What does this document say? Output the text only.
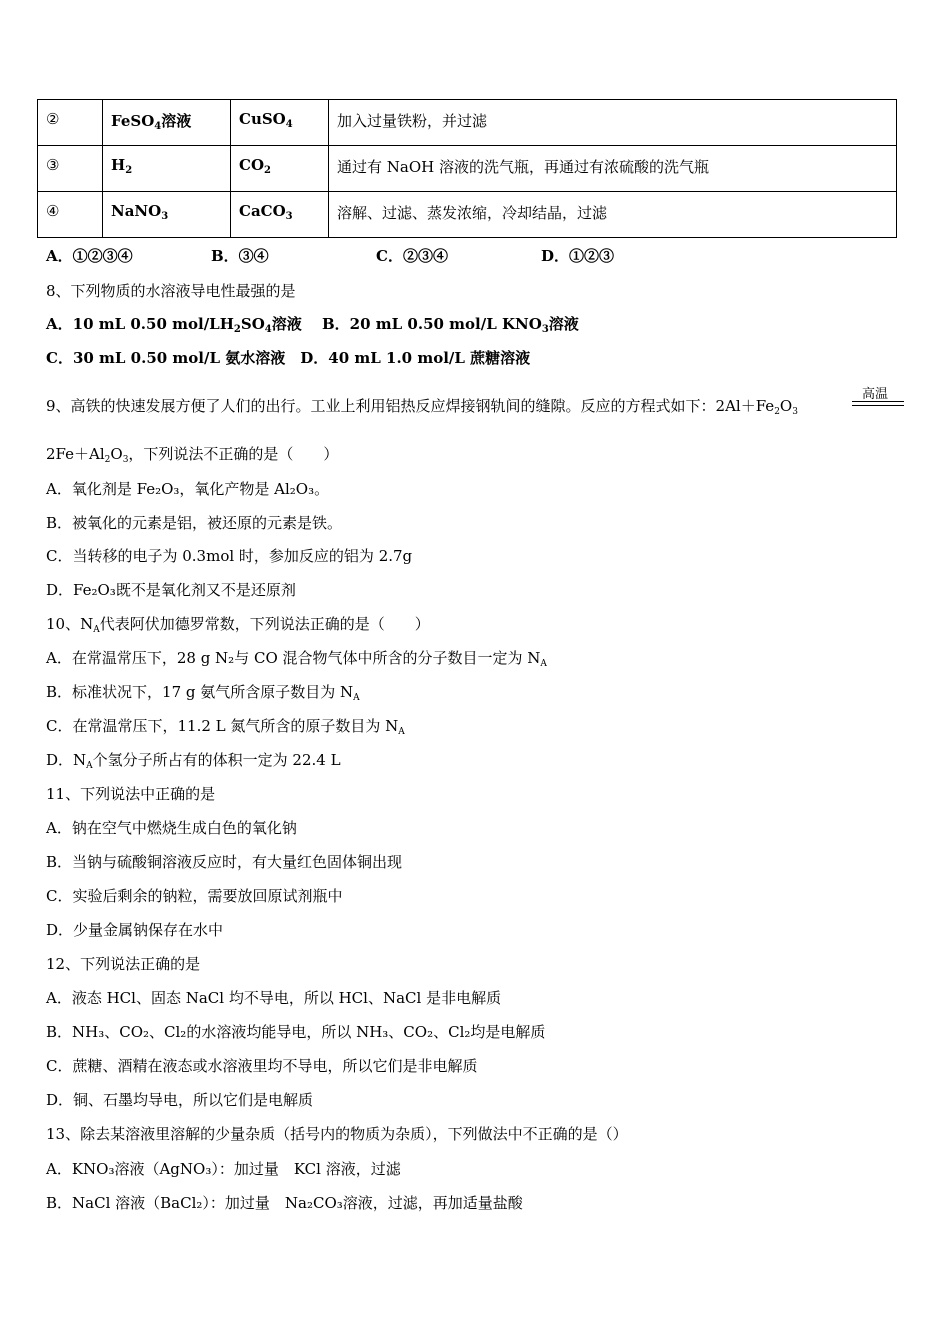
②	FeSO$_4$溶液	CuSO$_4$	加入过量铁粉，并过滤
③	$H_2$	$CO_2$	通过有 NaOH 溶液的洗气瓶，再通过有浓硫酸的洗气瓶
④	NaNO$_3$	CaCO$_3$	溶解、过滤、蒸发浓缩，冷却结晶，过滤
A．①②③④	B．③④	C．②③④	D．①②③
8、下列物质的水溶液导电性最强的是
A．10 mL 0.50 mol/$LH_2SO_4$溶液　 B．20 mL 0.50 mol/L $KNO_3$溶液
C．30 mL 0.50 mol/L 氨水溶液　 D．40 mL 1.0 mol/L 蔗糖溶液
9、高铁的快速发展方便了人们的出行。工业上利用铝热反应焊接钢轨间的缝隙。反应的方程式如下：$2Al+Fe_2O_3$
高温
$2Fe+Al_2O_3$，下列说法不正确的是（　　）
A．氧化剂是 Fe₂O₃，氧化产物是 Al₂O₃。
B．被氧化的元素是铝，被还原的元素是铁。
C．当转移的电子为 0.3mol 时，参加反应的铝为 2.7g
D．Fe₂O₃既不是氧化剂又不是还原剂
10、$N_A$代表阿伏加德罗常数，下列说法正确的是（　　）
A．在常温常压下，28 g N₂与 CO 混合物气体中所含的分子数目一定为 $N_A$
B．标准状况下，17 g 氨气所含原子数目为 $N_A$
C．在常温常压下，11.2 L 氮气所含的原子数目为 $N_A$
D．$N_A$个氢分子所占有的体积一定为 22.4 L
11、下列说法中正确的是
A．钠在空气中燃烧生成白色的氧化钠
B．当钠与硫酸铜溶液反应时，有大量红色固体铜出现
C．实验后剩余的钠粒，需要放回原试剂瓶中
D．少量金属钠保存在水中
12、下列说法正确的是
A．液态 HCl、固态 NaCl 均不导电，所以 HCl、NaCl 是非电解质
B．NH₃、CO₂、Cl₂的水溶液均能导电，所以 NH₃、CO₂、Cl₂均是电解质
C．蔗糖、酒精在液态或水溶液里均不导电，所以它们是非电解质
D．铜、石墨均导电，所以它们是电解质
13、除去某溶液里溶解的少量杂质（括号内的物质为杂质），下列做法中不正确的是（）
A．KNO₃溶液（AgNO₃）：加过量　KCl 溶液，过滤
B．NaCl 溶液（BaCl₂）：加过量　Na₂CO₃溶液，过滤，再加适量盐酸
